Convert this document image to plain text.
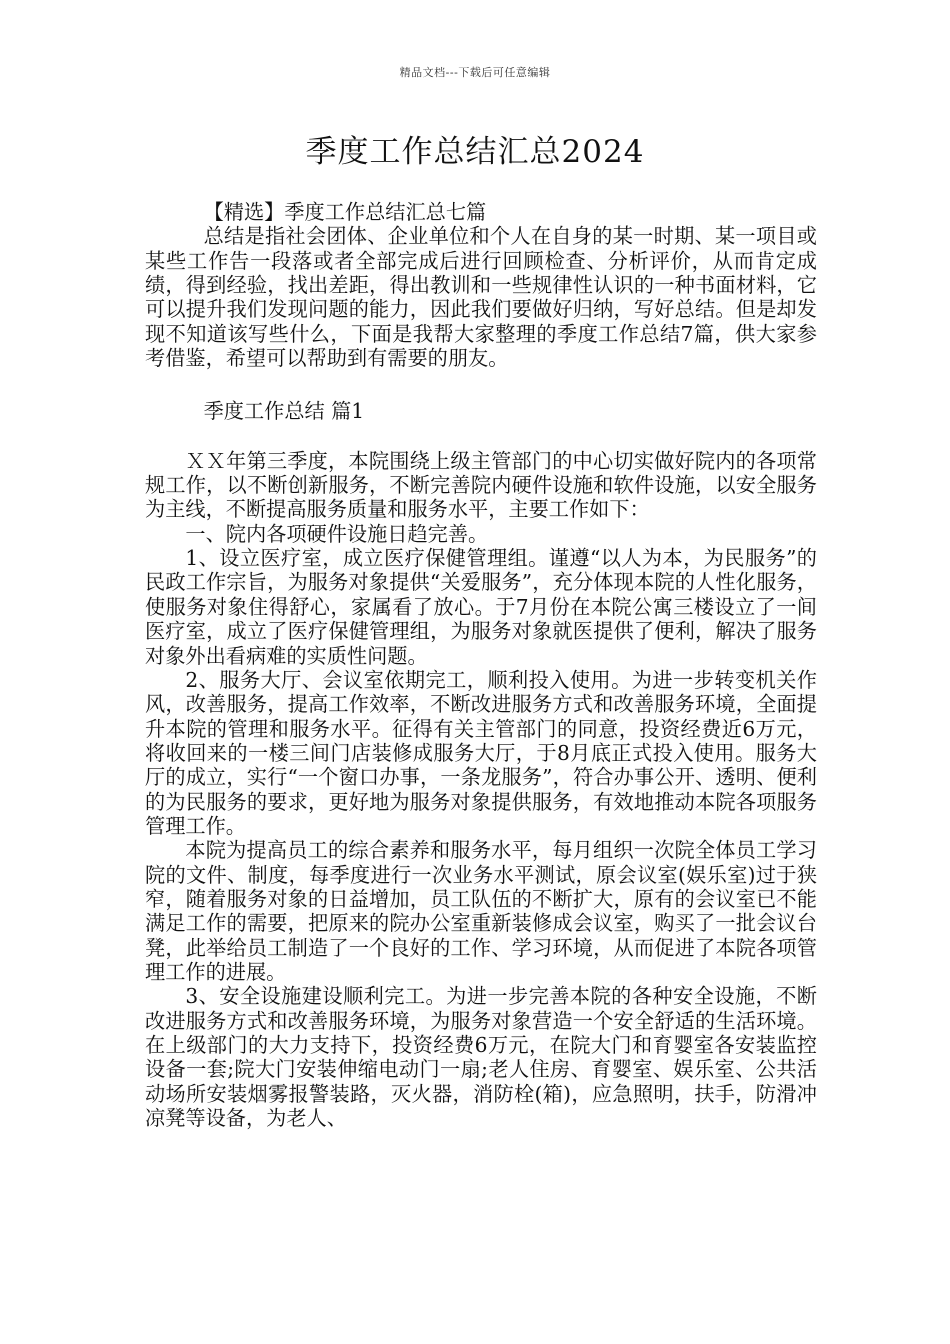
精品文档---下载后可任意编辑
季度工作总结汇总2024

【精选】季度工作总结汇总七篇

总结是指社会团体、企业单位和个人在自身的某一时期、某一项目或某些工作告一段落或者全部完成后进行回顾检查、分析评价，从而肯定成绩，得到经验，找出差距，得出教训和一些规律性认识的一种书面材料，它可以提升我们发现问题的能力，因此我们要做好归纳，写好总结。但是却发现不知道该写些什么，下面是我帮大家整理的季度工作总结7篇，供大家参考借鉴，希望可以帮助到有需要的朋友。

季度工作总结 篇1

ＸＸ年第三季度，本院围绕上级主管部门的中心切实做好院内的各项常规工作，以不断创新服务，不断完善院内硬件设施和软件设施，以安全服务为主线，不断提高服务质量和服务水平，主要工作如下：

一、院内各项硬件设施日趋完善。

1、设立医疗室，成立医疗保健管理组。谨遵“以人为本，为民服务”的民政工作宗旨，为服务对象提供“关爱服务”，充分体现本院的人性化服务，使服务对象住得舒心，家属看了放心。于7月份在本院公寓三楼设立了一间医疗室，成立了医疗保健管理组，为服务对象就医提供了便利，解决了服务对象外出看病难的实质性问题。

2、服务大厅、会议室依期完工，顺利投入使用。为进一步转变机关作风，改善服务，提高工作效率，不断改进服务方式和改善服务环境，全面提升本院的管理和服务水平。征得有关主管部门的同意，投资经费近6万元，将收回来的一楼三间门店装修成服务大厅，于8月底正式投入使用。服务大厅的成立，实行“一个窗口办事，一条龙服务”，符合办事公开、透明、便利的为民服务的要求，更好地为服务对象提供服务，有效地推动本院各项服务管理工作。

本院为提高员工的综合素养和服务水平，每月组织一次院全体员工学习院的文件、制度，每季度进行一次业务水平测试，原会议室(娱乐室)过于狭窄，随着服务对象的日益增加，员工队伍的不断扩大，原有的会议室已不能满足工作的需要，把原来的院办公室重新装修成会议室，购买了一批会议台凳，此举给员工制造了一个良好的工作、学习环境，从而促进了本院各项管理工作的进展。

3、安全设施建设顺利完工。为进一步完善本院的各种安全设施，不断改进服务方式和改善服务环境，为服务对象营造一个安全舒适的生活环境。在上级部门的大力支持下，投资经费6万元，在院大门和育婴室各安装监控设备一套;院大门安装伸缩电动门一扇;老人住房、育婴室、娱乐室、公共活动场所安装烟雾报警装路，灭火器，消防栓(箱)，应急照明，扶手，防滑冲凉凳等设备，为老人、
